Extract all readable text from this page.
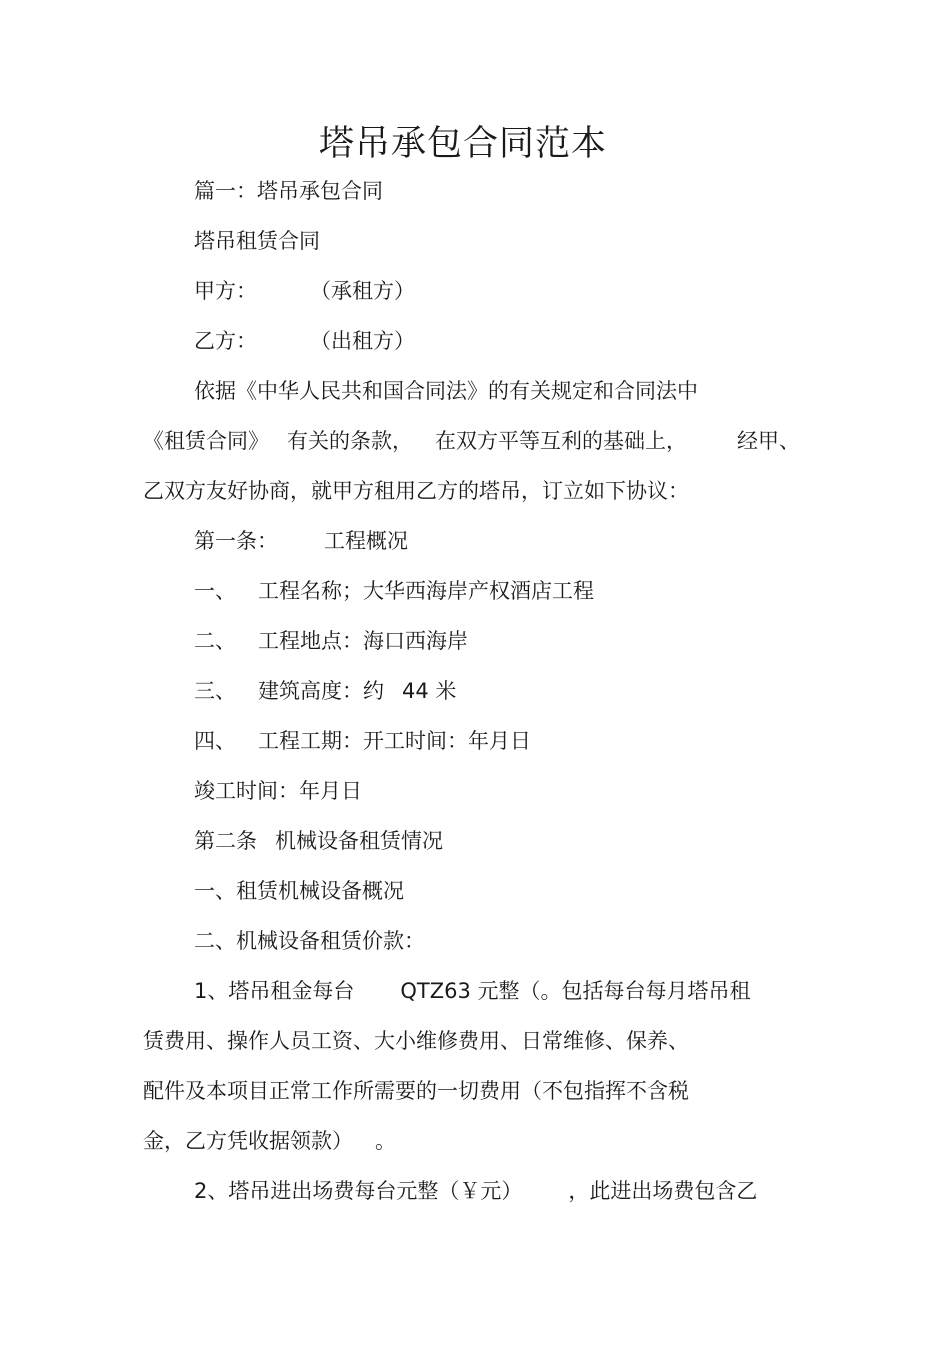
塔吊承包合同范本
篇一：塔吊承包合同
塔吊租赁合同
甲方：	（承租方）
乙方：	（出租方）
依据《中华人民共和国合同法》的有关规定和合同法中
《租赁合同》 有关的条款， 在双方平等互利的基础上， 经甲、
乙双方友好协商，就甲方租用乙方的塔吊，订立如下协议：
第一条： 工程概况
一、 工程名称；大华西海岸产权酒店工程
二、 工程地点：海口西海岸
三、 建筑高度：约 44 米
四、 工程工期：开工时间：年月日
竣工时间：年月日
第二条 机械设备租赁情况
一、租赁机械设备概况
二、机械设备租赁价款：
1、塔吊租金每台 QTZ63 元整（。包括每台每月塔吊租
赁费用、操作人员工资、大小维修费用、日常维修、保养、
配件及本项目正常工作所需要的一切费用（不包指挥不含税
金，乙方凭收据领款） 。
2、塔吊进出场费每台元整（￥元） ，此进出场费包含乙
